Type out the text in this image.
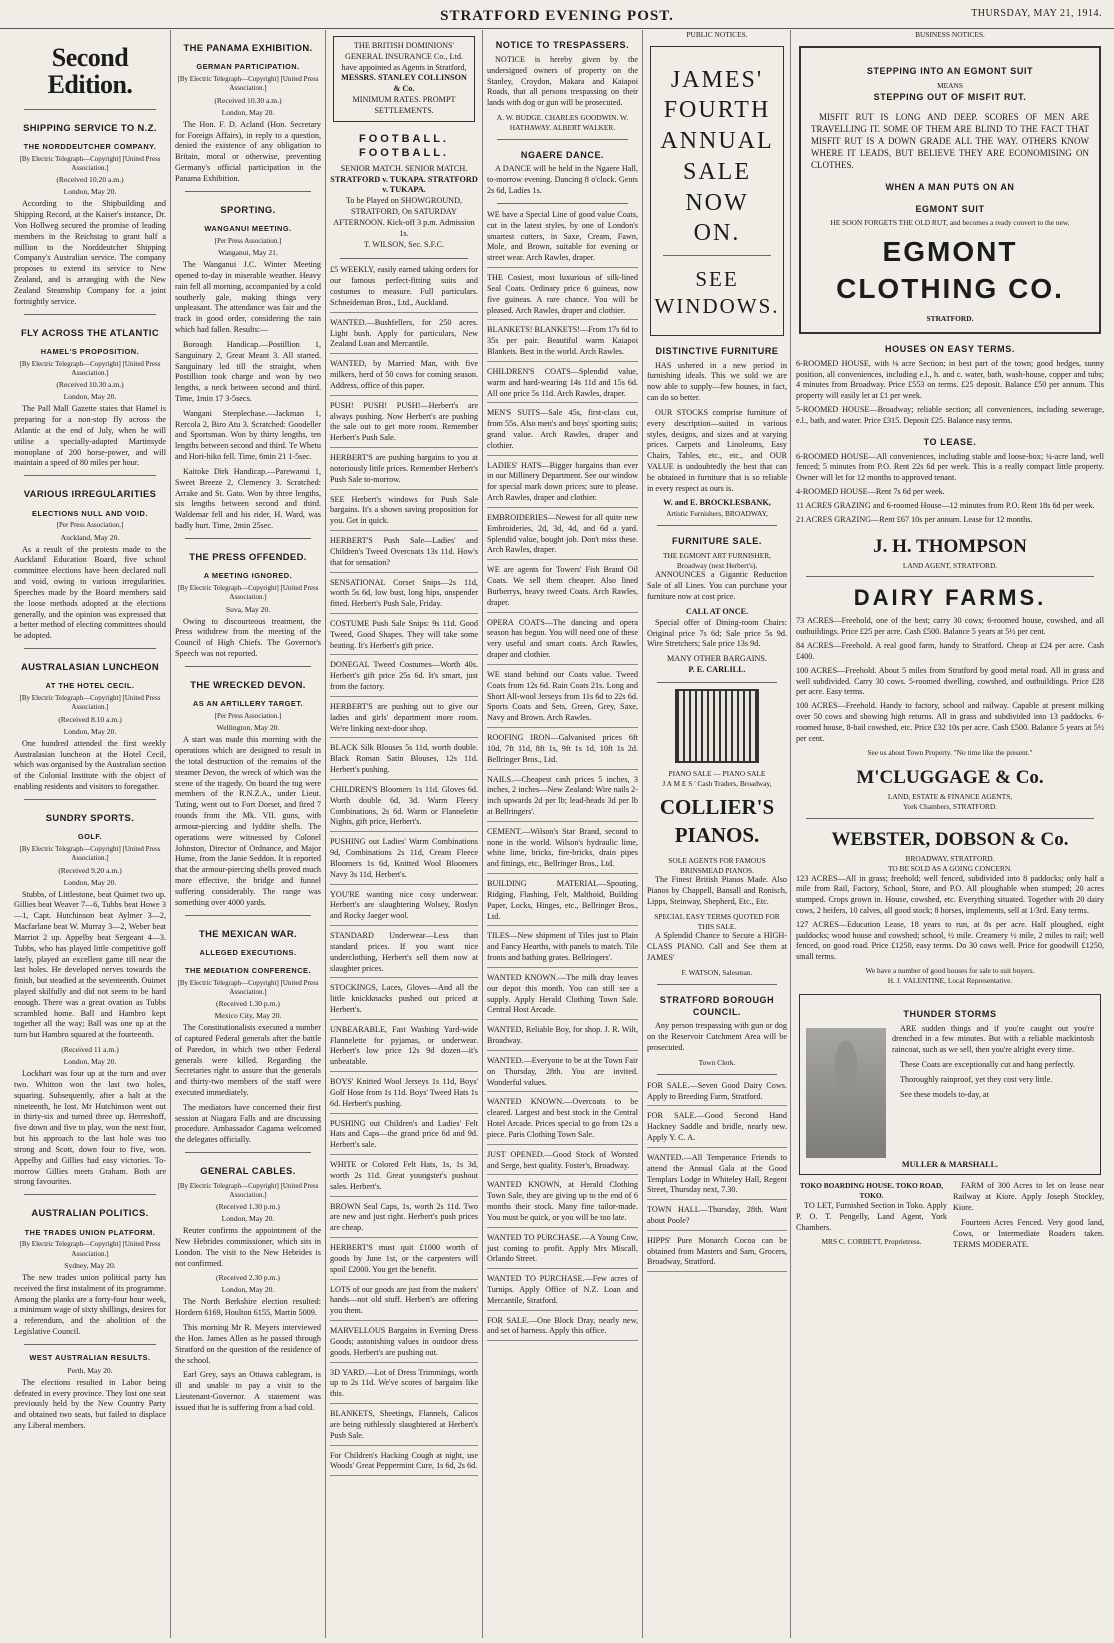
STRATFORD EVENING POST.	THURSDAY, MAY 21, 1914.
Second Edition.
SHIPPING SERVICE TO N.Z.
THE NORDDEUTCHER COMPANY.
[By Electric Telegraph—Copyright] [United Press Association.]
(Received 10.20 a.m.)
London, May 20.

According to the Shipbuilding and Shipping Record, at the Kaiser's instance, Dr. Von Hollweg secured the promise of leading members in the Reichstag to grant half a million to the Norddeutcher Shipping Company's Australian service. The company proposes to extend its service to New Zealand, and is arranging with the New Zealand Steamship Company for a joint fortnightly service.

FLY ACROSS THE ATLANTIC
HAMEL'S PROPOSITION.
[By Electric Telegraph—Copyright] [United Press Association.]
(Received 10.30 a.m.)
London, May 20.

The Pall Mall Gazette states that Hamel is preparing for a non-stop fly across the Atlantic at the end of July, when he will utilise a specially-adapted Martinsyde monoplane of 200 horse-power, and will maintain a speed of 80 miles per hour.

VARIOUS IRREGULARITIES
ELECTIONS NULL AND VOID.
[Per Press Association.]
Auckland, May 20.

As a result of the protests made to the Auckland Education Board, five school committee elections have been declared null and void, owing to various irregularities. Speeches made by the Board members said the loose methods adopted at the elections generally, and the opinion was expressed that a better method of electing committees should be adopted.

AUSTRALASIAN LUNCHEON
AT THE HOTEL CECIL.
[By Electric Telegraph—Copyright] [United Press Association.]
(Received 8.10 a.m.)
London, May 20.

One hundred attended the first weekly Australasian luncheon at the Hotel Cecil, which was organised by the Australian section of the Colonial Institute with the object of enabling residents and visitors to foregather.

SUNDRY SPORTS.
GOLF.
[By Electric Telegraph—Copyright] [United Press Association.]
(Received 9.20 a.m.)
London, May 20.

Stubbs, of Littlestone, beat Quimet two up. Gillies beat Weaver 7—6, Tubbs beat Howe 3—1, Capt. Hutchinson beat Aylmer 3—2, Macfarlane beat W. Murray 3—2, Weber beat Marriot 2 up. Appelby beat Sergeant 4—3. Tubbs, who has played little competitive golf lately, played an excellent game till near the last holes. He developed nerves towards the finish, but steadied at the seventeenth. Ouimet played skilfully and did not seem to be hard enough. There was a great ovation as Tubbs scrambled home. Ball and Hambro kept together all the way; Ball was one up at the turn but Hambro squared at the fourteenth.

(Received 11 a.m.)
London, May 20.

Lockhart was four up at the turn and over two. Whitton won the last two holes, squaring. Subsequently, after a halt at the nineteenth, he lost. Mr Hutchinson went out in thirty-six and turned three up. Herreshoff, five down and five to play, won the next four, but his approach to the last hole was too strong and Scott, down four to five, won. Appelby and Gillies had easy victories. To-morrow Gillies meets Graham. Both are strong favourites.

AUSTRALIAN POLITICS.
THE TRADES UNION PLATFORM.
[By Electric Telegraph—Copyright] [United Press Association.]
Sydney, May 20.

The new trades union political party has received the first instalment of its programme. Among the planks are a forty-four hour week, a minimum wage of sixty shillings, desires for a referendum, and the abolition of the Legislative Council.

WEST AUSTRALIAN RESULTS.
Perth, May 20.

The elections resulted in Labor being defeated in every province. They lost one seat previously held by the New Country Party and obtained two seats, but failed to displace any Liberal members.

THE PANAMA EXHIBITION.
GERMAN PARTICIPATION.
[By Electric Telegraph—Copyright] [United Press Association.]
(Received 10.30 a.m.)
London, May 20.

The Hon. F. D. Acland (Hon. Secretary for Foreign Affairs), in reply to a question, denied the existence of any obligation to Britain, moral or otherwise, preventing Germany's official participation in the Panama Exhibition.

SPORTING.
WANGANUI MEETING.
[Per Press Association.]
Wanganui, May 21.

The Wanganui J.C. Winter Meeting opened to-day in miserable weather. Heavy rain fell all morning, accompanied by a cold southerly gale, making things very unpleasant. The attendance was fair and the track in good order, considering the rain which had fallen. Results:—

Borough Handicap.—Postillion 1, Sanguinary 2, Great Meant 3. All started. Sanguinary led till the straight, when Postillion took charge and won by two lengths, a neck between second and third. Time, 1min 17 3-5secs.

Wangani Steeplechase.—Jackman 1, Rercola 2, Biro Atu 3. Scratched: Goodeller and Sportsman. Won by thirty lengths, ten lengths between second and third. Te Whetu and Hori-hiko fell. Time, 6min 21 1-5sec.

Kaitoke Dirk Handicap.—Parewanui 1, Sweet Breeze 2, Clemency 3. Scratched: Arrake and St. Gato. Won by three lengths, six lengths between second and third. Waldemar fell and his rider, H. Ward, was badly hurt. Time, 2min 25sec.

THE PRESS OFFENDED.
A MEETING IGNORED.
[By Electric Telegraph—Copyright] [United Press Association.]
Suva, May 20.

Owing to discourteous treatment, the Press withdrew from the meeting of the Council of High Chiefs. The Governor's Speech was not reported.

THE WRECKED DEVON.
AS AN ARTILLERY TARGET.
[Per Press Association.]
Wellington, May 20.

A start was made this morning with the operations which are designed to result in the total destruction of the remains of the steamer Devon, the wreck of which was the scene of the tragedy. On board the tug were members of the R.N.Z.A., under Lieut. Tuting, went out to Fort Dorset, and fired 7 rounds from the Mk. VII. guns, with armour-piercing and lyddite shells. The operations were witnessed by Colonel Johnston, Director of Ordnance, and Major Hume, from the Janie Seddon. It is reported that the armour-piercing shells proved much more effective, the bridge and funnel suffering considerably. The range was something over 4000 yards.

THE MEXICAN WAR.
ALLEGED EXECUTIONS.
THE MEDIATION CONFERENCE.
[By Electric Telegraph—Copyright] [United Press Association.]
(Received 1.30 p.m.)
Mexico City, May 20.

The Constitutionalists executed a number of captured Federal generals after the battle of Paredon, in which two other Federal generals were killed. Regarding the Secretaries right to assure that the generals and thirty-two members of the staff were executed immediately.

The mediators have concerned their first session at Niagara Falls and are discussing procedure. Ambassador Cagama welcomed the delegates officially.

GENERAL CABLES.
[By Electric Telegraph—Copyright] [United Press Association.]
(Received 1.30 p.m.)
London, May 20.

Reuter confirms the appointment of the New Hebrides commissioner, which sits in London. The visit to the New Hebrides is not confirmed.

(Received 2.30 p.m.)
London, May 20.

The North Berkshire election resulted: Hordern 6169, Houlton 6155, Martin 5009.

This morning Mr R. Meyers interviewed the Hon. James Allen as he passed through Stratford on the question of the residence of the school.

Earl Grey, says an Ottawa cablegram, is ill and unable to pay a visit to the Lieutenant-Governor. A statement was issued that he is suffering from a bad cold.

THE BRITISH DOMINIONS' GENERAL INSURANCE Co., Ltd.
have appointed as Agents in Stratford,
MESSRS. STANLEY COLLINSON & Co.
MINIMUM RATES. PROMPT SETTLEMENTS.
FOOTBALL. FOOTBALL.
SENIOR MATCH. SENIOR MATCH.
STRATFORD v. TUKAPA. STRATFORD v. TUKAPA.
To be Played on SHOWGROUND, STRATFORD, On SATURDAY AFTERNOON. Kick-off 3 p.m. Admission 1s.
T. WILSON, Sec. S.F.C.
£5 WEEKLY, easily earned taking orders for our famous perfect-fitting suits and costumes to measure. Full particulars. Schneideman Bros., Ltd., Auckland.
WANTED.—Bushfellers, for 250 acres. Light bush. Apply for particulars, New Zealand Loan and Mercantile.
WANTED, by Married Man, with five milkers, herd of 50 cows for coming season. Address, office of this paper.
PUSH! PUSH! PUSH!—Herbert's are always pushing. Now Herbert's are pushing the sale out to get more room. Remember Herbert's Push Sale.
HERBERT'S are pushing bargains to you at notoriously little prices. Remember Herbert's Push Sale to-morrow.
SEE Herbert's windows for Push Sale bargains. It's a shown saving proposition for you. Get in quick.
HERBERT'S Push Sale—Ladies' and Children's Tweed Overcoats 13s 11d. How's that for sensation?
SENSATIONAL Corset Snips—2s 11d, worth 5s 6d, low bust, long hips, unspender fitted. Herbert's Push Sale, Friday.
COSTUME Push Sale Snips: 9s 11d. Good Tweed, Good Shapes. They will take some beating. It's Herbert's gift price.
DONEGAL Tweed Costumes—Worth 40s. Herbert's gift price 25s 6d. It's smart, just from the factory.
HERBERT'S are pushing out to give our ladies and girls' department more room. We're linking next-door shop.
BLACK Silk Blouses 5s 11d, worth double. Black Roman Satin Blouses, 12s 11d. Herbert's pushing.
CHILDREN'S Bloomers 1s 11d. Gloves 6d. Worth double 6d, 3d. Warm Fleecy Combinations, 2s 6d. Warm or Flannelette Nights, gift price, Herbert's.
PUSHING out Ladies' Warm Combinations 9d, Combinations 2s 11d, Cream Fleece Bloomers 1s 6d, Knitted Wool Bloomers Navy 3s 11d, Herbert's.
YOU'RE wanting nice cosy underwear. Herbert's are slaughtering Wolsey, Roslyn and Rocky Jaeger wool.
STANDARD Underwear—Less than standard prices. If you want nice underclothing, Herbert's sell them now at slaughter prices.
STOCKINGS, Laces, Gloves—And all the little knickknacks pushed out priced at Herbert's.
UNBEARABLE, Fast Washing Yard-wide Flannelette for pyjamas, or underwear. Herbert's low price 12s 9d dozen—it's unbeatable.
BOYS' Knitted Wool Jerseys 1s 11d, Boys' Golf Hose from 1s 11d. Boys' Tweed Hats 1s 6d. Herbert's pushing.
PUSHING out Children's and Ladies' Felt Hats and Caps—the grand price 6d and 9d. Herbert's sale.
WHITE or Colored Felt Hats, 1s, 1s 3d, worth 2s 11d. Great youngster's pushout sales. Herbert's.
BROWN Seal Caps, 1s, worth 2s 11d. Two are new and just right. Herbert's push prices are cheap.
HERBERT'S must quit £1000 worth of goods by June 1st, or the carpenters will spoil £2000. You get the benefit.
LOTS of our goods are just from the makers' hands—not old stuff. Herbert's are offering you them.
MARVELLOUS Bargains in Evening Dress Goods; astonishing values in outdoor dress goods. Herbert's are pushing out.
3D YARD.—Lot of Dress Trimmings, worth up to 2s 11d. We've scores of bargains like this.
BLANKETS, Sheetings, Flannels, Calicos are being ruthlessly slaughtered at Herbert's Push Sale.
For Children's Hacking Cough at night, use Woods' Great Peppermint Cure, 1s 6d, 2s 6d.
NOTICE TO TRESPASSERS.

NOTICE is hereby given by the undersigned owners of property on the Stanley, Croydon, Makara and Kaiapoi Roads, that all persons trespassing on their lands with dog or gun will be prosecuted.

A. W. BUDGE. CHARLES GOODWIN. W. HATHAWAY. ALBERT WALKER.
NGAERE DANCE.

A DANCE will be held in the Ngaere Hall, to-morrow evening. Dancing 8 o'clock. Gents 2s 6d, Ladies 1s.

WE have a Special Line of good value Coats, cut in the latest styles, by one of London's smartest cutters, in Saxe, Cream, Fawn, Mole, and Brown, suitable for evening or street wear. Arch Rawles, draper.
THE Cosiest, most luxurious of silk-lined Seal Coats. Ordinary price 6 guineas, now five guineas. A rare chance. You will be pleased. Arch Rawles, draper and clothier.
BLANKETS! BLANKETS!—From 17s 6d to 35s per pair. Beautiful warm Kaiapoi Blankets. Best in the world. Arch Rawles.
CHILDREN'S COATS—Splendid value, warm and hard-wearing 14s 11d and 15s 6d. All one price 5s 11d. Arch Rawles, draper.
MEN'S SUITS—Sale 45s, first-class cut, from 55s. Also men's and boys' sporting suits; grand value. Arch Rawles, draper and clothier.
LADIES' HATS—Bigger bargains than ever in our Millinery Department. See our window for special mark down prices; sure to please. Arch Rawles, draper and clothier.
EMBROIDERIES—Newest for all quite new Embroideries, 2d, 3d, 4d, and 6d a yard. Splendid value, bought job. Don't miss these. Arch Rawles, draper.
WE are agents for Towers' Fish Brand Oil Coats. We sell them cheaper. Also lined Burberrys, heavy tweed Coats. Arch Rawles, draper.
OPERA COATS—The dancing and opera season has begun. You will need one of these very useful and smart coats. Arch Rawles, draper and clothier.
WE stand behind our Coats value. Tweed Coats from 12s 6d. Rain Coats 21s. Long and Short All-wool Jerseys from 11s 6d to 22s 6d. Sports Coats and Sets, Green, Grey, Saxe, Navy and Brown. Arch Rawles.
ROOFING IRON—Galvanised prices 6ft 10d, 7ft 11d, 8ft 1s, 9ft 1s 1d, 10ft 1s 2d. Bellringer Bros., Ltd.
NAILS.—Cheapest cash prices 5 inches, 3 inches, 2 inches—New Zealand: Wire nails 2-inch upwards 2d per lb; lead-heads 3d per lb at Bellringers'.
CEMENT.—Wilson's Star Brand, second to none in the world. Wilson's hydraulic lime, white lime, bricks, fire-bricks, drain pipes and fittings, etc., Bellringer Bros., Ltd.
BUILDING MATERIAL—Spouting, Ridging, Flashing, Felt, Malthoid, Building Paper, Locks, Hinges, etc., Bellringer Bros., Ltd.
TILES—New shipment of Tiles just to Plain and Fancy Hearths, with panels to match. Tile fronts and bathing grates. Bellringers'.
WANTED KNOWN.—The milk dray leaves our depot this month. You can still see a supply. Apply Herald Clothing Town Sale. Central Host Arcade.
WANTED, Reliable Boy, for shop. J. R. Wilt, Broadway.
WANTED.—Everyone to be at the Town Fair on Thursday, 28th. You are invited. Wonderful values.
WANTED KNOWN.—Overcoats to be cleared. Largest and best stock in the Central Hotel Arcade. Prices special to go from 12s a piece. Paris Clothing Town Sale.
JUST OPENED.—Good Stock of Worsted and Serge, best quality. Foster's, Broadway.
WANTED KNOWN, at Herald Clothing Town Sale, they are giving up to the end of 6 months their stock. Many fine tailor-made. You must be quick, or you will be too late.
WANTED TO PURCHASE.—A Young Cow, just coming to profit. Apply Mrs Miscall, Orlando Street.
WANTED TO PURCHASE.—Few acres of Turnips. Apply Office of N.Z. Loan and Mercantile, Stratford.
FOR SALE.—One Block Dray, nearly new, and set of harness. Apply this office.
PUBLIC NOTICES.
JAMES'
FOURTH
ANNUAL
SALE
NOW
ON.
SEE
WINDOWS.
DISTINCTIVE FURNITURE

HAS ushered in a new period in furnishing ideals. This we sold we are now able to supply—few houses, in fact, can do so better.

OUR STOCKS comprise furniture of every description—suited in various styles, designs, and sizes and at varying prices. Carpets and Linoleums, Easy Chairs, Tables, etc., etc., and OUR VALUE is undoubtedly the best that can be obtained in furniture that is so reliable in every respect as ours is.

W. and E. BROCKLESBANK,
Artistic Furnishers, BROADWAY,
FURNITURE SALE.
THE EGMONT ART FURNISHER, Broadway (next Herbert's),

ANNOUNCES a Gigantic Reduction Sale of all Lines. You can purchase your furniture now at cost price.

CALL AT ONCE.

Special offer of Dining-room Chairs: Original price 7s 6d; Sale price 5s 9d. Wire Stretchers; Sale price 13s 9d.

MANY OTHER BARGAINS.
P. E. CARLILL.
PIANO SALE — PIANO SALE
J A M E S ' Cash Traders, Broadway,
COLLIER'S PIANOS.
SOLE AGENTS FOR FAMOUS BRINSMEAD PIANOS.

The Finest British Pianos Made. Also Pianos by Chappell, Bansall and Ronisch, Lipps, Steinway, Shepherd, Etc., Etc.

SPECIAL EASY TERMS QUOTED FOR THIS SALE.

A Splendid Chance to Secure a HIGH-CLASS PIANO. Call and See them at JAMES'

F. WATSON, Salesman.
STRATFORD BOROUGH COUNCIL.

Any person trespassing with gun or dog on the Reservoir Catchment Area will be prosecuted.

Town Clerk.
FOR SALE.—Seven Good Dairy Cows. Apply to Breeding Farm, Stratford.
FOR SALE.—Good Second Hand Hackney Saddle and bridle, nearly new. Apply Y. C. A.
WANTED.—All Temperance Friends to attend the Annual Gala at the Good Templars Lodge in Whiteley Hall, Regent Street, Thursday next, 7.30.
TOWN HALL—Thursday, 28th. Want about Poole?
HIPPS' Pure Monarch Cocoa can be obtained from Masters and Sam, Grocers, Broadway, Stratford.
BUSINESS NOTICES.
STEPPING INTO AN EGMONT SUIT
MEANS
STEPPING OUT OF MISFIT RUT.

MISFIT RUT IS LONG AND DEEP. SCORES OF MEN ARE TRAVELLING IT. SOME OF THEM ARE BLIND TO THE FACT THAT MISFIT RUT IS A DOWN GRADE ALL THE WAY. OTHERS KNOW WHERE IT LEADS, BUT BELIEVE THEY ARE ECONOMISING ON CLOTHES.

WHEN A MAN PUTS ON AN
EGMONT SUIT
HE SOON FORGETS THE OLD RUT, and becomes a ready convert to the new.
EGMONT CLOTHING CO.
STRATFORD.
HOUSES ON EASY TERMS.
6-ROOMED HOUSE, with ⅛ acre Section; in best part of the town; good hedges, sunny position, all conveniences, including e.l., h. and c. water, bath, wash-house, copper and tubs; 4 minutes from Broadway. Price £553 on terms. £25 deposit. Balance £50 per annum. This property will easily let at £1 per week.
5-ROOMED HOUSE—Broadway; reliable section; all conveniences, including sewerage, e.l., bath, and water. Price £315. Deposit £25. Balance easy terms.
TO LEASE.
6-ROOMED HOUSE—All conveniences, including stable and loose-box; ¼-acre land, well fenced; 5 minutes from P.O. Rent 22s 6d per week. This is a really compact little property. Owner will let for 12 months to approved tenant.
4-ROOMED HOUSE—Rent 7s 6d per week.
11 ACRES GRAZING and 6-roomed House—12 minutes from P.O. Rent 18s 6d per week.
21 ACRES GRAZING—Rent £67 10s per annum. Lease for 12 months.
J. H. THOMPSON
LAND AGENT, STRATFORD.
DAIRY FARMS.
73 ACRES—Freehold, one of the best; carry 30 cows; 6-roomed house, cowshed, and all outbuildings. Price £25 per acre. Cash £500. Balance 5 years at 5½ per cent.
84 ACRES—Freehold. A real good farm, handy to Stratford. Cheap at £24 per acre. Cash £400.
100 ACRES—Freehold. About 5 miles from Stratford by good metal road. All in grass and well subdivided. Carry 30 cows. 5-roomed dwelling, cowshed, and outbuildings. Price £28 per acre. Easy terms.
100 ACRES—Freehold. Handy to factory, school and railway. Capable at present milking over 50 cows and showing high returns. All in grass and subdivided into 13 paddocks. 6-roomed house, 8-bail cowshed, etc. Price £32 10s per acre. Cash £500. Balance 5 years at 5½ per cent.
See us about Town Property. "No time like the present."
M'CLUGGAGE & Co.
LAND, ESTATE & FINANCE AGENTS,
York Chambers, STRATFORD.
WEBSTER, DOBSON & Co.
BROADWAY, STRATFORD.
TO BE SOLD AS A GOING CONCERN.
123 ACRES—All in grass; freehold; well fenced, subdivided into 8 paddocks; only half a mile from Rail, Factory, School, Store, and P.O. All ploughable when stumped; 20 acres stumped. Crops grown in. House, cowshed, etc. Everything situated. Together with 20 dairy cows, 2 heifers, 10 calves, all good stock; 8 horses, implements, sell at 1/3rd. Easy terms.
127 ACRES—Education Lease, 18 years to run, at 8s per acre. Half ploughed, eight paddocks; wood house and cowshed; school, ½ mile. Creamery ½ mile, 2 miles to rail; well fenced, on good road. Price £1250, easy terms. Do 30 cows well. Price for goodwill £1250, small terms.
We have a number of good houses for sale to suit buyers.
H. J. VALENTINE, Local Representative.
THUNDER STORMS

ARE sudden things and if you're caught out you're drenched in a few minutes. But with a reliable mackintosh raincoat, such as we sell, then you're alright every time.

These Coats are exceptionally cut and hang perfectly.

Thoroughly rainproof, yet they cost very little.

See these models to-day, at

MULLER & MARSHALL.
TOKO BOARDING HOUSE. TOKO ROAD, TOKO.

TO LET, Furnished Section in Toko. Apply P. O. T. Pengelly, Land Agent, York Chambers.

MRS C. CORBETT, Proprietress.

FARM of 300 Acres to let on lease near Railway at Kiore. Apply Joseph Stockley, Kiore.

Fourteen Acres Fenced. Very good land, Cows, or Intermediate Roaders taken. TERMS MODERATE.
